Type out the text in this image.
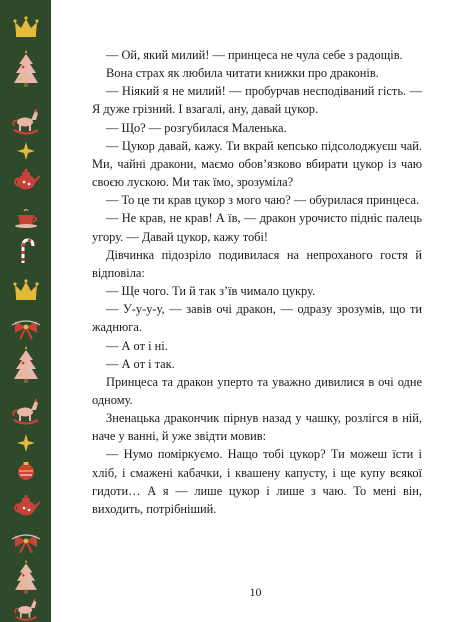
— Ой, який милий! — принцеса не чула себе з радощів.

Вона страх як любила читати книжки про драконів.

— Ніякий я не милий! — пробурчав несподіваний гість. — Я дуже грізний. І взагалі, ану, давай цукор.

— Що? — розгубилася Маленька.

— Цукор давай, кажу. Ти вкрай кепсько підсолоджуєш чай. Ми, чайні дракони, маємо обов’язково вбирати цукор із чаю своєю лускою. Ми так їмо, зрозуміла?

— То це ти крав цукор з мого чаю? — обурилася принцеса.

— Не крав, не крав! А їв, — дракон урочисто підніс палець угору. — Давай цукор, кажу тобі!

Дівчинка підозріло подивилася на непроханого гостя й відповіла:

— Ще чого. Ти й так з’їв чимало цукру.

— У-у-у-у, — завів очі дракон, — одразу зрозумів, що ти жаднюга.

— А от і ні.

— А от і так.

Принцеса та дракон уперто та уважно дивилися в очі одне одному.

Зненацька дракончик пірнув назад у чашку, розлігся в ній, наче у ванні, й уже звідти мовив:

— Нумо поміркуємо. Нащо тобі цукор? Ти можеш їсти і хліб, і смажені кабачки, і квашену капусту, і ще купу всякої гидоти… А я — лише цукор і лише з чаю. То мені він, виходить, потрібніший.

10
